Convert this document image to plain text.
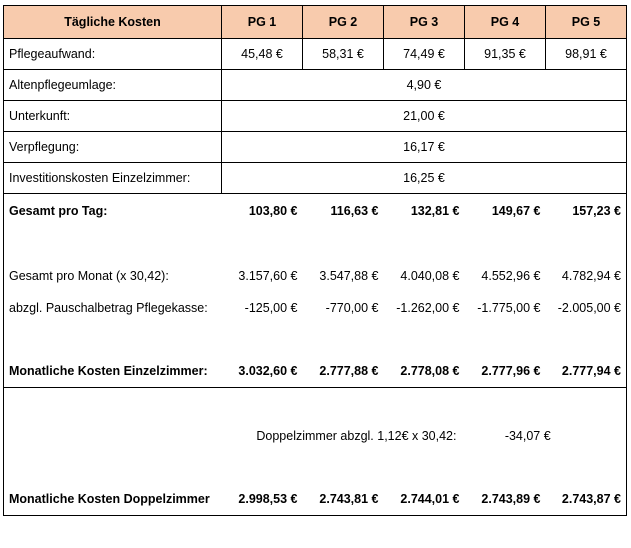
Tägliche Kosten	PG 1	PG 2	PG 3	PG 4	PG 5
Pflegeaufwand:	45,48 €	58,31 €	74,49 €	91,35 €	98,91 €
Altenpflegeumlage:	4,90 €				
Unterkunft:	21,00 €				
Verpflegung:	16,17 €				
Investitionskosten Einzelzimmer:	16,25 €				
Gesamt pro Tag:	103,80 €	116,63 €	132,81 €	149,67 €	157,23 €

Gesamt pro Monat (x 30,42):	3.157,60 €	3.547,88 €	4.040,08 €	4.552,96 €	4.782,94 €
abzgl. Pauschalbetrag Pflegekasse:	-125,00 €	-770,00 €	-1.262,00 €	-1.775,00 €	-2.005,00 €

Monatliche Kosten Einzelzimmer:	3.032,60 €	2.777,88 €	2.778,08 €	2.777,96 €	2.777,94 €

Doppelzimmer abzgl. 1,12€ x 30,42:				-34,07 €	

Monatliche Kosten Doppelzimmer	2.998,53 €	2.743,81 €	2.744,01 €	2.743,89 €	2.743,87 €
